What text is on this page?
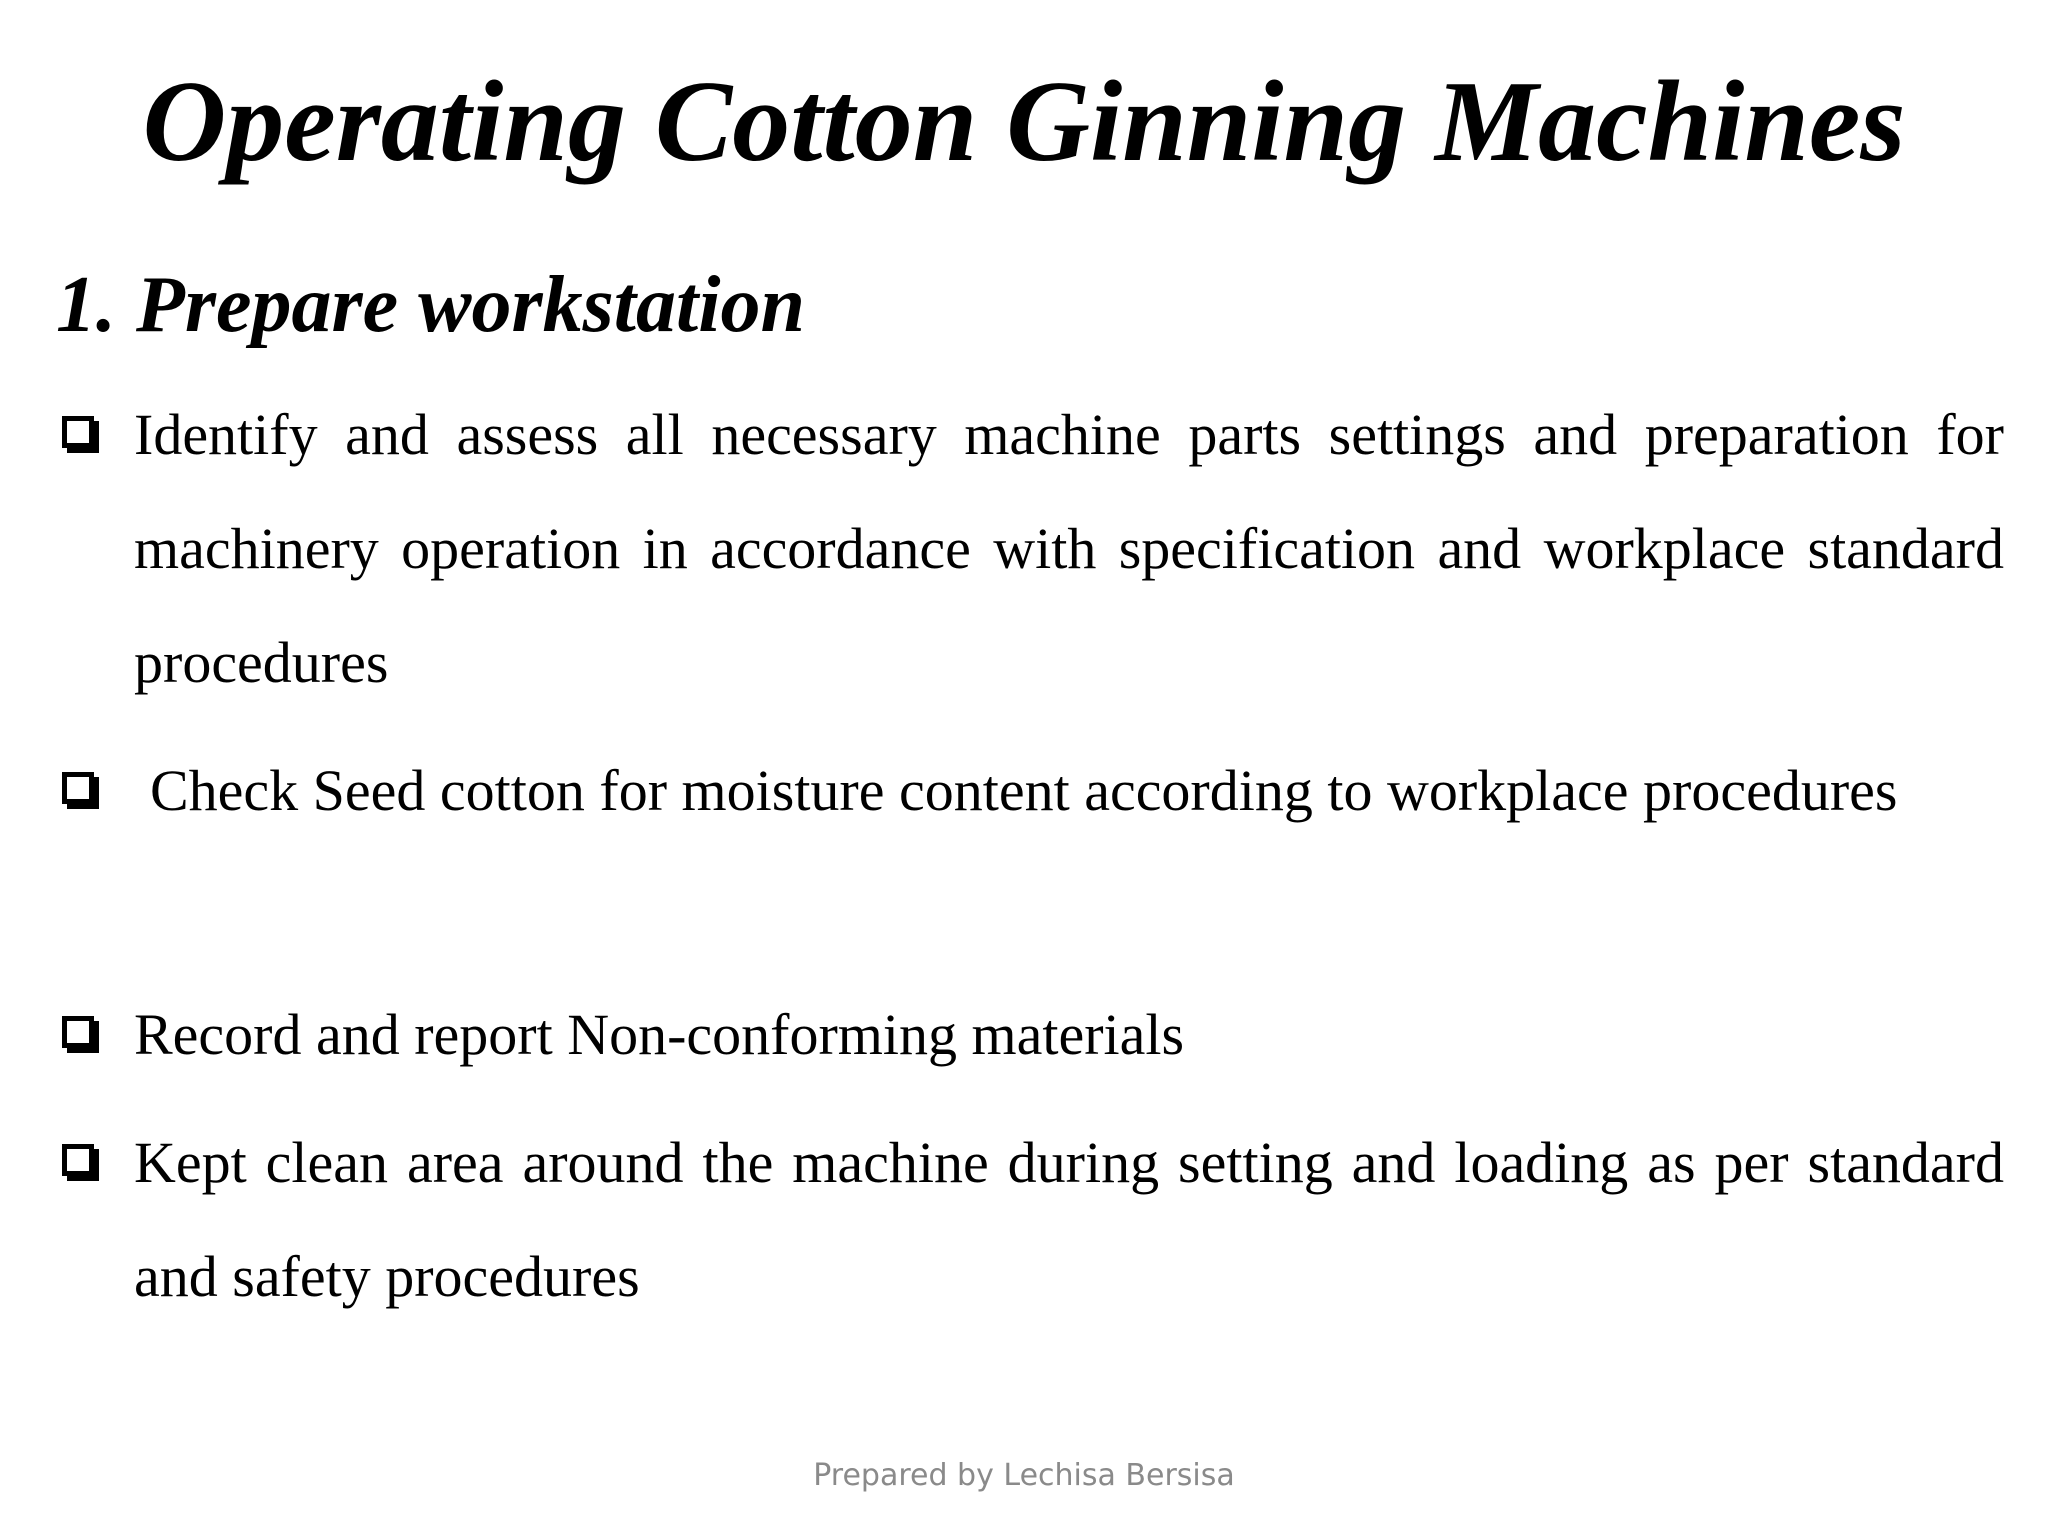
Operating Cotton Ginning Machines
1. Prepare workstation

Identify and assess all necessary machine parts settings and preparation for machinery operation in accordance with specification and workplace standard procedures

Check Seed cotton for moisture content according to workplace procedures

Record and report Non-conforming materials

Kept clean area around the machine during setting and loading as per standard and safety procedures

Prepared by Lechisa Bersisa
